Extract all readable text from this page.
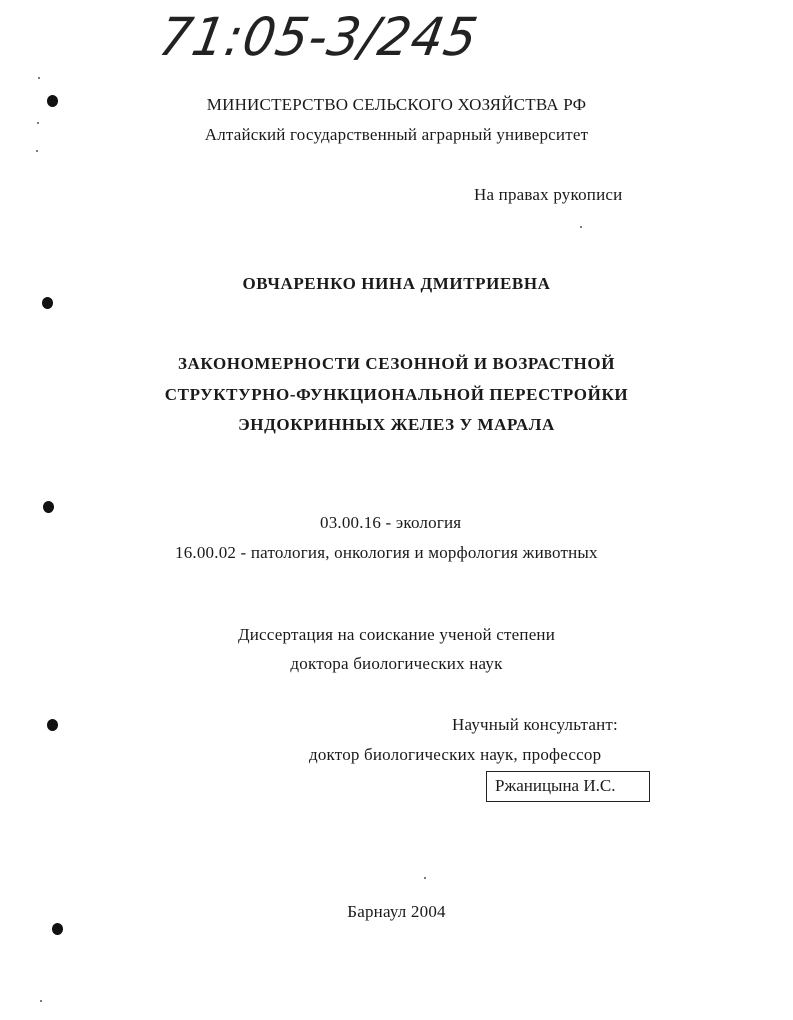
71:05-3/245
МИНИСТЕРСТВО СЕЛЬСКОГО ХОЗЯЙСТВА РФ
Алтайский государственный аграрный университет
На правах рукописи
ОВЧАРЕНКО НИНА ДМИТРИЕВНА
ЗАКОНОМЕРНОСТИ СЕЗОННОЙ И ВОЗРАСТНОЙ
СТРУКТУРНО-ФУНКЦИОНАЛЬНОЙ ПЕРЕСТРОЙКИ
ЭНДОКРИННЫХ ЖЕЛЕЗ У МАРАЛА
03.00.16 - экология
16.00.02 - патология, онкология и морфология животных
Диссертация на соискание ученой степени
доктора биологических наук
Научный консультант:
доктор биологических наук, профессор
Ржаницына И.С.
Барнаул 2004
